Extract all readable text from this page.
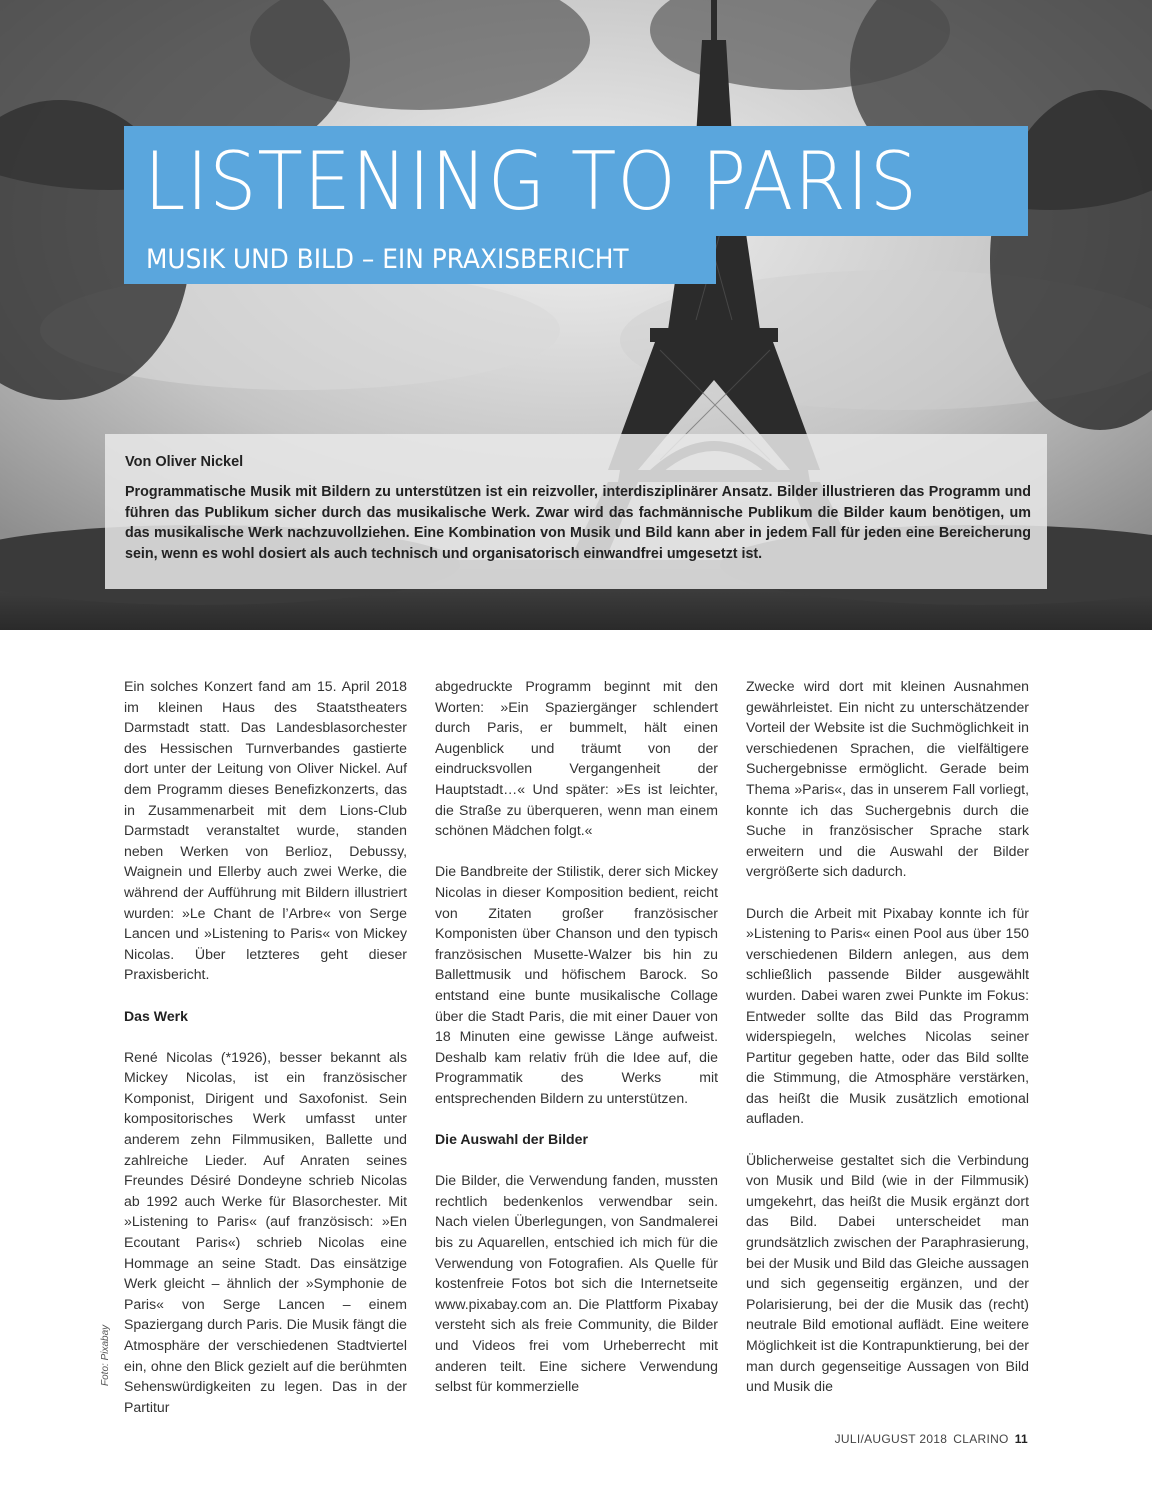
LISTENING TO PARIS
MUSIK UND BILD – EIN PRAXISBERICHT
Von Oliver Nickel
Programmatische Musik mit Bildern zu unterstützen ist ein reizvoller, interdisziplinärer Ansatz. Bilder illustrieren das Programm und führen das Publikum sicher durch das musikalische Werk. Zwar wird das fachmännische Publikum die Bilder kaum benötigen, um das musikalische Werk nachzuvollziehen. Eine Kombination von Musik und Bild kann aber in jedem Fall für jeden eine Bereicherung sein, wenn es wohl dosiert als auch technisch und organisatorisch einwandfrei umgesetzt ist.

Ein solches Konzert fand am 15. April 2018 im kleinen Haus des Staatstheaters Darmstadt statt. Das Landesblasorchester des Hessischen Turnverbandes gastierte dort unter der Leitung von Oliver Nickel. Auf dem Programm dieses Benefizkonzerts, das in Zusammenarbeit mit dem Lions-Club Darmstadt veranstaltet wurde, standen neben Werken von Berlioz, Debussy, Waignein und Ellerby auch zwei Werke, die während der Aufführung mit Bildern illustriert wurden: »Le Chant de l’Arbre« von Serge Lancen und »Listening to Paris« von Mickey Nicolas. Über letzteres geht dieser Praxisbericht.

Das Werk

René Nicolas (*1926), besser bekannt als Mickey Nicolas, ist ein französischer Komponist, Dirigent und Saxofonist. Sein kompositorisches Werk umfasst unter anderem zehn Filmmusiken, Ballette und zahlreiche Lieder. Auf Anraten seines Freundes Désiré Dondeyne schrieb Nicolas ab 1992 auch Werke für Blasorchester. Mit »Listening to Paris« (auf französisch: »En Ecoutant Paris«) schrieb Nicolas eine Hommage an seine Stadt. Das einsätzige Werk gleicht – ähnlich der »Symphonie de Paris« von Serge Lancen – einem Spaziergang durch Paris. Die Musik fängt die Atmosphäre der verschiedenen Stadtviertel ein, ohne den Blick gezielt auf die berühmten Sehenswürdigkeiten zu legen. Das in der Partitur

abgedruckte Programm beginnt mit den Worten: »Ein Spaziergänger schlendert durch Paris, er bummelt, hält einen Augenblick und träumt von der eindrucksvollen Vergangenheit der Hauptstadt…« Und später: »Es ist leichter, die Straße zu überqueren, wenn man einem schönen Mädchen folgt.«

Die Bandbreite der Stilistik, derer sich Mickey Nicolas in dieser Komposition bedient, reicht von Zitaten großer französischer Komponisten über Chanson und den typisch französischen Musette-Walzer bis hin zu Ballettmusik und höfischem Barock. So entstand eine bunte musikalische Collage über die Stadt Paris, die mit einer Dauer von 18 Minuten eine gewisse Länge aufweist. Deshalb kam relativ früh die Idee auf, die Programmatik des Werks mit entsprechenden Bildern zu unterstützen.

Die Auswahl der Bilder

Die Bilder, die Verwendung fanden, mussten rechtlich bedenkenlos verwendbar sein. Nach vielen Überlegungen, von Sandmalerei bis zu Aquarellen, entschied ich mich für die Verwendung von Fotografien. Als Quelle für kostenfreie Fotos bot sich die Internetseite www.pixabay.com an. Die Plattform Pixabay versteht sich als freie Community, die Bilder und Videos frei vom Urheberrecht mit anderen teilt. Eine sichere Verwendung selbst für kommerzielle

Zwecke wird dort mit kleinen Ausnahmen gewährleistet. Ein nicht zu unterschätzender Vorteil der Website ist die Suchmöglichkeit in verschiedenen Sprachen, die vielfältigere Suchergebnisse ermöglicht. Gerade beim Thema »Paris«, das in unserem Fall vorliegt, konnte ich das Suchergebnis durch die Suche in französischer Sprache stark erweitern und die Auswahl der Bilder vergrößerte sich dadurch.

Durch die Arbeit mit Pixabay konnte ich für »Listening to Paris« einen Pool aus über 150 verschiedenen Bildern anlegen, aus dem schließlich passende Bilder ausgewählt wurden. Dabei waren zwei Punkte im Fokus: Entweder sollte das Bild das Programm widerspiegeln, welches Nicolas seiner Partitur gegeben hatte, oder das Bild sollte die Stimmung, die Atmosphäre verstärken, das heißt die Musik zusätzlich emotional aufladen.

Üblicherweise gestaltet sich die Verbindung von Musik und Bild (wie in der Filmmusik) umgekehrt, das heißt die Musik ergänzt dort das Bild. Dabei unterscheidet man grundsätzlich zwischen der Paraphrasierung, bei der Musik und Bild das Gleiche aussagen und sich gegenseitig ergänzen, und der Polarisierung, bei der die Musik das (recht) neutrale Bild emotional auflädt. Eine weitere Möglichkeit ist die Kontrapunktierung, bei der man durch gegenseitige Aussagen von Bild und Musik die

Foto: Pixabay
JULI/AUGUST 2018 CLARINO 11
